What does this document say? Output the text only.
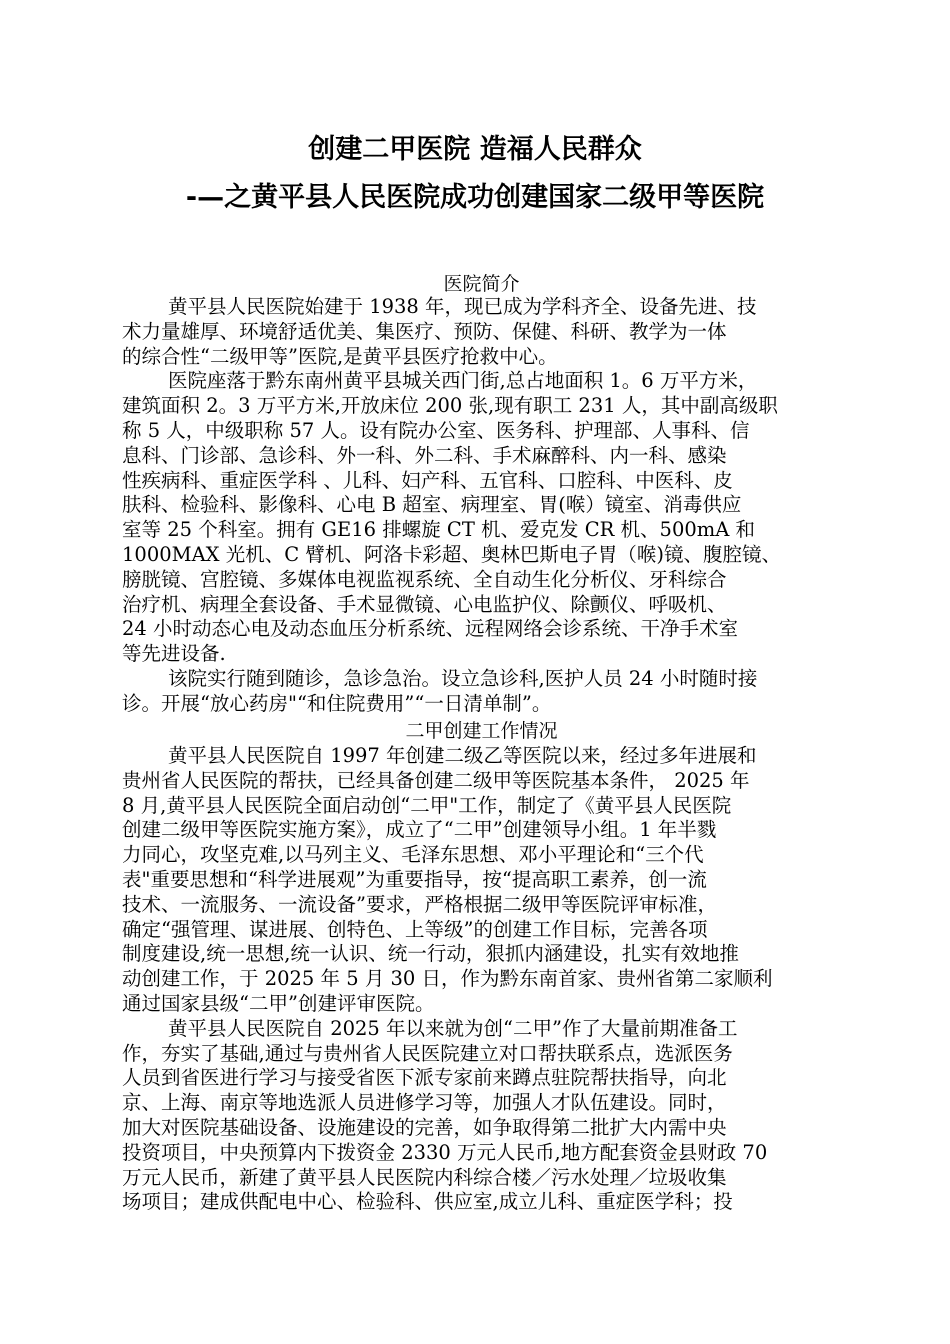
创建二甲医院 造福人民群众
-—之黄平县人民医院成功创建国家二级甲等医院
医院简介
黄平县人民医院始建于 1938 年，现已成为学科齐全、设备先进、技
术力量雄厚、环境舒适优美、集医疗、预防、保健、科研、教学为一体
的综合性“二级甲等”医院,是黄平县医疗抢救中心。
医院座落于黔东南州黄平县城关西门街,总占地面积 1。6 万平方米，
建筑面积 2。3 万平方米,开放床位 200 张,现有职工 231 人，其中副高级职
称 5 人，中级职称 57 人。设有院办公室、医务科、护理部、人事科、信
息科、门诊部、急诊科、外一科、外二科、手术麻醉科、内一科、感染
性疾病科、重症医学科 、儿科、妇产科、五官科、口腔科、中医科、皮
肤科、检验科、影像科、心电 B 超室、病理室、胃(喉）镜室、消毒供应
室等 25 个科室。拥有 GE16 排螺旋 CT 机、爱克发 CR 机、500mA 和
1000MAX 光机、C 臂机、阿洛卡彩超、奥林巴斯电子胃（喉)镜、腹腔镜、
膀胱镜、宫腔镜、多媒体电视监视系统、全自动生化分析仪、牙科综合
治疗机、病理全套设备、手术显微镜、心电监护仪、除颤仪、呼吸机、
24 小时动态心电及动态血压分析系统、远程网络会诊系统、干净手术室
等先进设备.
该院实行随到随诊，急诊急治。设立急诊科,医护人员 24 小时随时接
诊。开展“放心药房"“和住院费用”“一日清单制”。
二甲创建工作情况
黄平县人民医院自 1997 年创建二级乙等医院以来，经过多年进展和
贵州省人民医院的帮扶，已经具备创建二级甲等医院基本条件， 2025 年
8 月,黄平县人民医院全面启动创“二甲"工作，制定了《黄平县人民医院
创建二级甲等医院实施方案》，成立了“二甲”创建领导小组。1 年半戮
力同心，攻坚克难,以马列主义、毛泽东思想、邓小平理论和“三个代
表"重要思想和“科学进展观”为重要指导，按“提高职工素养，创一流
技术、一流服务、一流设备”要求，严格根据二级甲等医院评审标准，
确定“强管理、谋进展、创特色、上等级”的创建工作目标，完善各项
制度建设,统一思想,统一认识、统一行动，狠抓内涵建设，扎实有效地推
动创建工作，于 2025 年 5 月 30 日，作为黔东南首家、贵州省第二家顺利
通过国家县级“二甲”创建评审医院。
黄平县人民医院自 2025 年以来就为创“二甲”作了大量前期准备工
作，夯实了基础,通过与贵州省人民医院建立对口帮扶联系点，选派医务
人员到省医进行学习与接受省医下派专家前来蹲点驻院帮扶指导，向北
京、上海、南京等地选派人员进修学习等，加强人才队伍建设。同时，
加大对医院基础设备、设施建设的完善，如争取得第二批扩大内需中央
投资项目，中央预算内下拨资金 2330 万元人民币,地方配套资金县财政 70
万元人民币，新建了黄平县人民医院内科综合楼／污水处理／垃圾收集
场项目；建成供配电中心、检验科、供应室,成立儿科、重症医学科；投
